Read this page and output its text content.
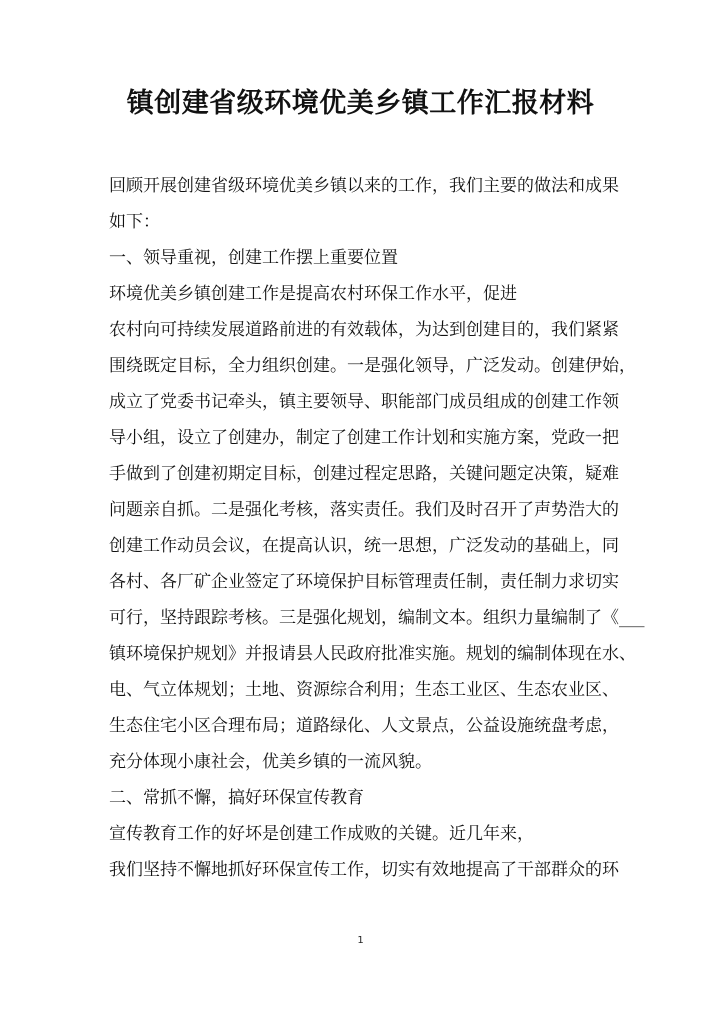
镇创建省级环境优美乡镇工作汇报材料
回顾开展创建省级环境优美乡镇以来的工作，我们主要的做法和成果
如下：
一、领导重视，创建工作摆上重要位置
环境优美乡镇创建工作是提高农村环保工作水平，促进
农村向可持续发展道路前进的有效载体，为达到创建目的，我们紧紧
围绕既定目标，全力组织创建。一是强化领导，广泛发动。创建伊始，
成立了党委书记牵头，镇主要领导、职能部门成员组成的创建工作领
导小组，设立了创建办，制定了创建工作计划和实施方案，党政一把
手做到了创建初期定目标，创建过程定思路，关键问题定决策，疑难
问题亲自抓。二是强化考核，落实责任。我们及时召开了声势浩大的
创建工作动员会议，在提高认识，统一思想，广泛发动的基础上，同
各村、各厂矿企业签定了环境保护目标管理责任制，责任制力求切实
可行，坚持跟踪考核。三是强化规划，编制文本。组织力量编制了《___
镇环境保护规划》并报请县人民政府批准实施。规划的编制体现在水、
电、气立体规划；土地、资源综合利用；生态工业区、生态农业区、
生态住宅小区合理布局；道路绿化、人文景点，公益设施统盘考虑，
充分体现小康社会，优美乡镇的一流风貌。
二、常抓不懈，搞好环保宣传教育
宣传教育工作的好坏是创建工作成败的关键。近几年来，
我们坚持不懈地抓好环保宣传工作，切实有效地提高了干部群众的环
1
